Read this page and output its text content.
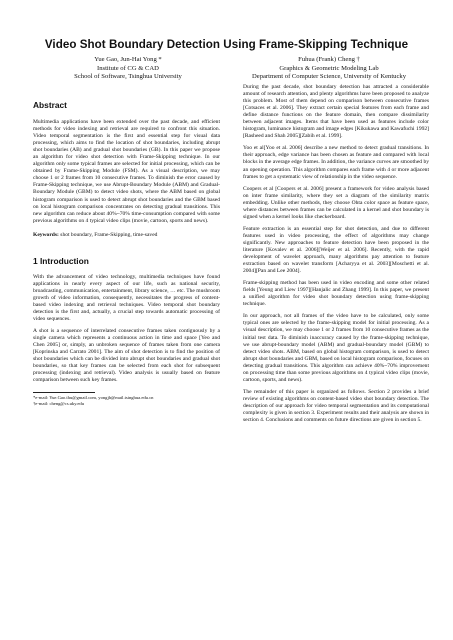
Video Shot Boundary Detection Using Frame-Skipping Technique
Yue Gao, Jun-Hai Yong *
Institute of CG & CAD
School of Software, Tsinghua University
Fuhua (Frank) Cheng †
Graphics & Geometric Modeling Lab
Department of Computer Science, University of Kentucky
Abstract

Multimedia applications have been extended over the past decade, and efficient methods for video indexing and retrieval are required to confront this situation. Video temporal segmentation is the first and essential step for visual data processing, which aims to find the location of shot boundaries, including abrupt shot boundaries (AB) and gradual shot boundaries (GB). In this paper we propose an algorithm for video shot detection with Frame-Skipping technique. In our algorithm only some typical frames are selected for initial processing, which can be obtained by Frame-Skipping Module (FSM). As a visual description, we may choose 1 or 2 frames from 10 consecutive frames. To diminish the error caused by Frame-Skipping technique, we use Abrupt-Boundary Module (ABM) and Gradual-Boundary Module (GBM) to detect video shots, where the ABM based on global histogram comparison is used to detect abrupt shot boundaries and the GBM based on local histogram comparison concentrates on detecting gradual transitions. This new algorithm can reduce about 40%~70% time-consumption compared with some previous algorithms on 4 typical video clips (movie, cartoon, sports and news).

Keywords: shot boundary, Frame-Skipping, time-saved

1 Introduction

With the advancement of video technology, multimedia techniques have found applications in nearly every aspect of our life, such as national security, broadcasting, communication, entertainment, library science, … etc. The mushroom growth of video information, consequently, necessitates the progress of content-based video indexing and retrieval techniques. Video temporal shot boundary detection is the first and, actually, a crucial step towards automatic processing of video sequences.

A shot is a sequence of interrelated consecutive frames taken contiguously by a single camera which represents a continuous action in time and space [Yeo and Chen 2005] or, simply, an unbroken sequence of frames taken from one camera [Koprinska and Carrato 2001]. The aim of shot detection is to find the position of shot boundaries which can be divided into abrupt shot boundaries and gradual shot boundaries, so that key frames can be selected from each shot for subsequent processing (indexing and retrieval). Video analysis is usually based on feature comparison between such key frames.

*e-mail: Yue.Gao.thu@gmail.com, yongjh@mail.tsinghua.edu.cn
†e-mail: cheng@cs.uky.edu

During the past decade, shot boundary detection has attracted a considerable amount of research attention, and plenty algorithms have been proposed to analyze this problem. Most of them depend on comparison between consecutive frames [Cotsaces et al. 2006]. They extract certain special features from each frame and define distance functions on the feature domain, then compare dissimilarity between adjacent images. Items that have been used as features include color histogram, luminance histogram and image edges [Kikukawa and Kawafuchi 1992][Rasheed and Shah 2005][Zabih et al. 1999].

Yoo et al[Yoo et al. 2006] describe a new method to detect gradual transitions. In their approach, edge variance has been chosen as feature and compared with local blocks in the average edge frames. In addition, the variance curves are smoothed by an opening operation. This algorithm compares each frame with 4 or more adjacent frames to get a systematic view of relationship in the video sequence.

Coopers et al [Coopers et al. 2006] present a framework for video analysis based on inter frame similarity, where they set a diagram of the similarity matrix embedding. Unlike other methods, they choose Ohta color space as feature space, where distances between frames can be calculated in a kernel and shot boundary is signed when a kernel looks like checkerboard.

Feature extraction is an essential step for shot detection, and due to different features used in video processing, the effect of algorithms may change significantly. New approaches to feature detection have been proposed in the literature [Kovalev et al. 2006][Weijer et al. 2006]. Recently, with the rapid development of wavelet approach, many algorithms pay attention to feature extraction based on wavelet transform [Acharyya et al. 2003][Moschetti et al. 2004][Pan and Lee 2004].

Frame-skipping method has been used in video encoding and some other related fields [Yeung and Liew 1997][Hanjalic and Zhang 1999]. In this paper, we present a unified algorithm for video shot boundary detection using frame-skipping technique.

In our approach, not all frames of the video have to be calculated, only some typical ones are selected by the frame-skipping model for initial processing. As a visual description, we may choose 1 or 2 frames from 10 consecutive frames as the initial test data. To diminish inaccuracy caused by the frame-skipping technique, we use abrupt-boundary model (ABM) and gradual-boundary model (GBM) to detect video shots. ABM, based on global histogram comparison, is used to detect abrupt shot boundaries and GBM, based on local histogram comparison, focuses on detecting gradual transitions. This algorithm can achieve 40%~70% improvement on processing time than some previous algorithms on 4 typical video clips (movie, cartoon, sports, and news).

The remainder of this paper is organized as follows. Section 2 provides a brief review of existing algorithms on content-based video shot boundary detection. The description of our approach for video temporal segmentation and its computational complexity is given in section 3. Experiment results and their analysis are shown in section 4. Conclusions and comments on future directions are given in section 5.
